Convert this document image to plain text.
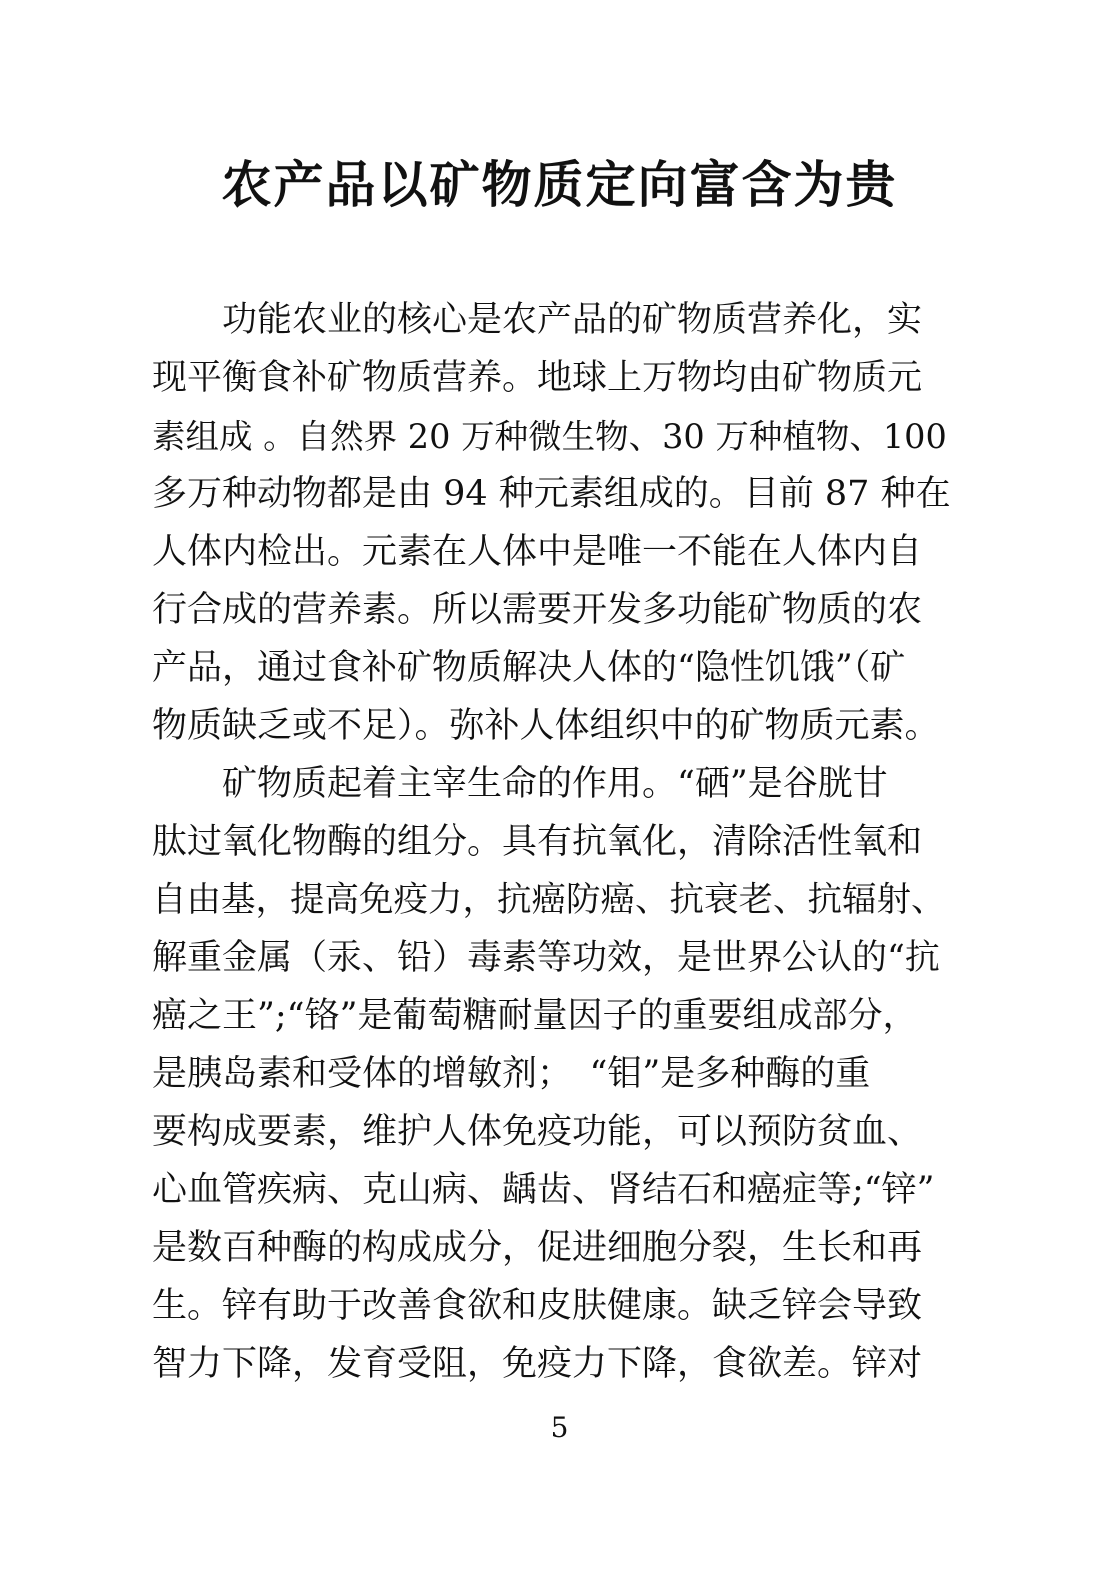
农产品以矿物质定向富含为贵

　　功能农业的核心是农产品的矿物质营养化，实

现平衡食补矿物质营养。地球上万物均由矿物质元

素组成 。自然界 20 万种微生物、30 万种植物、100

多万种动物都是由 94 种元素组成的。目前 87 种在

人体内检出。元素在人体中是唯一不能在人体内自

行合成的营养素。所以需要开发多功能矿物质的农

产品，通过食补矿物质解决人体的“隐性饥饿”（矿

物质缺乏或不足）。弥补人体组织中的矿物质元素。

　　矿物质起着主宰生命的作用。“硒”是谷胱甘

肽过氧化物酶的组分。具有抗氧化，清除活性氧和

自由基，提高免疫力，抗癌防癌、抗衰老、抗辐射、

解重金属（汞、铅）毒素等功效，是世界公认的“抗

癌之王”;“铬”是葡萄糖耐量因子的重要组成部分，

是胰岛素和受体的增敏剂；　“钼”是多种酶的重

要构成要素，维护人体免疫功能，可以预防贫血、

心血管疾病、克山病、龋齿、肾结石和癌症等;“锌”

是数百种酶的构成成分，促进细胞分裂，生长和再

生。锌有助于改善食欲和皮肤健康。缺乏锌会导致

智力下降，发育受阻，免疫力下降，食欲差。锌对

5
